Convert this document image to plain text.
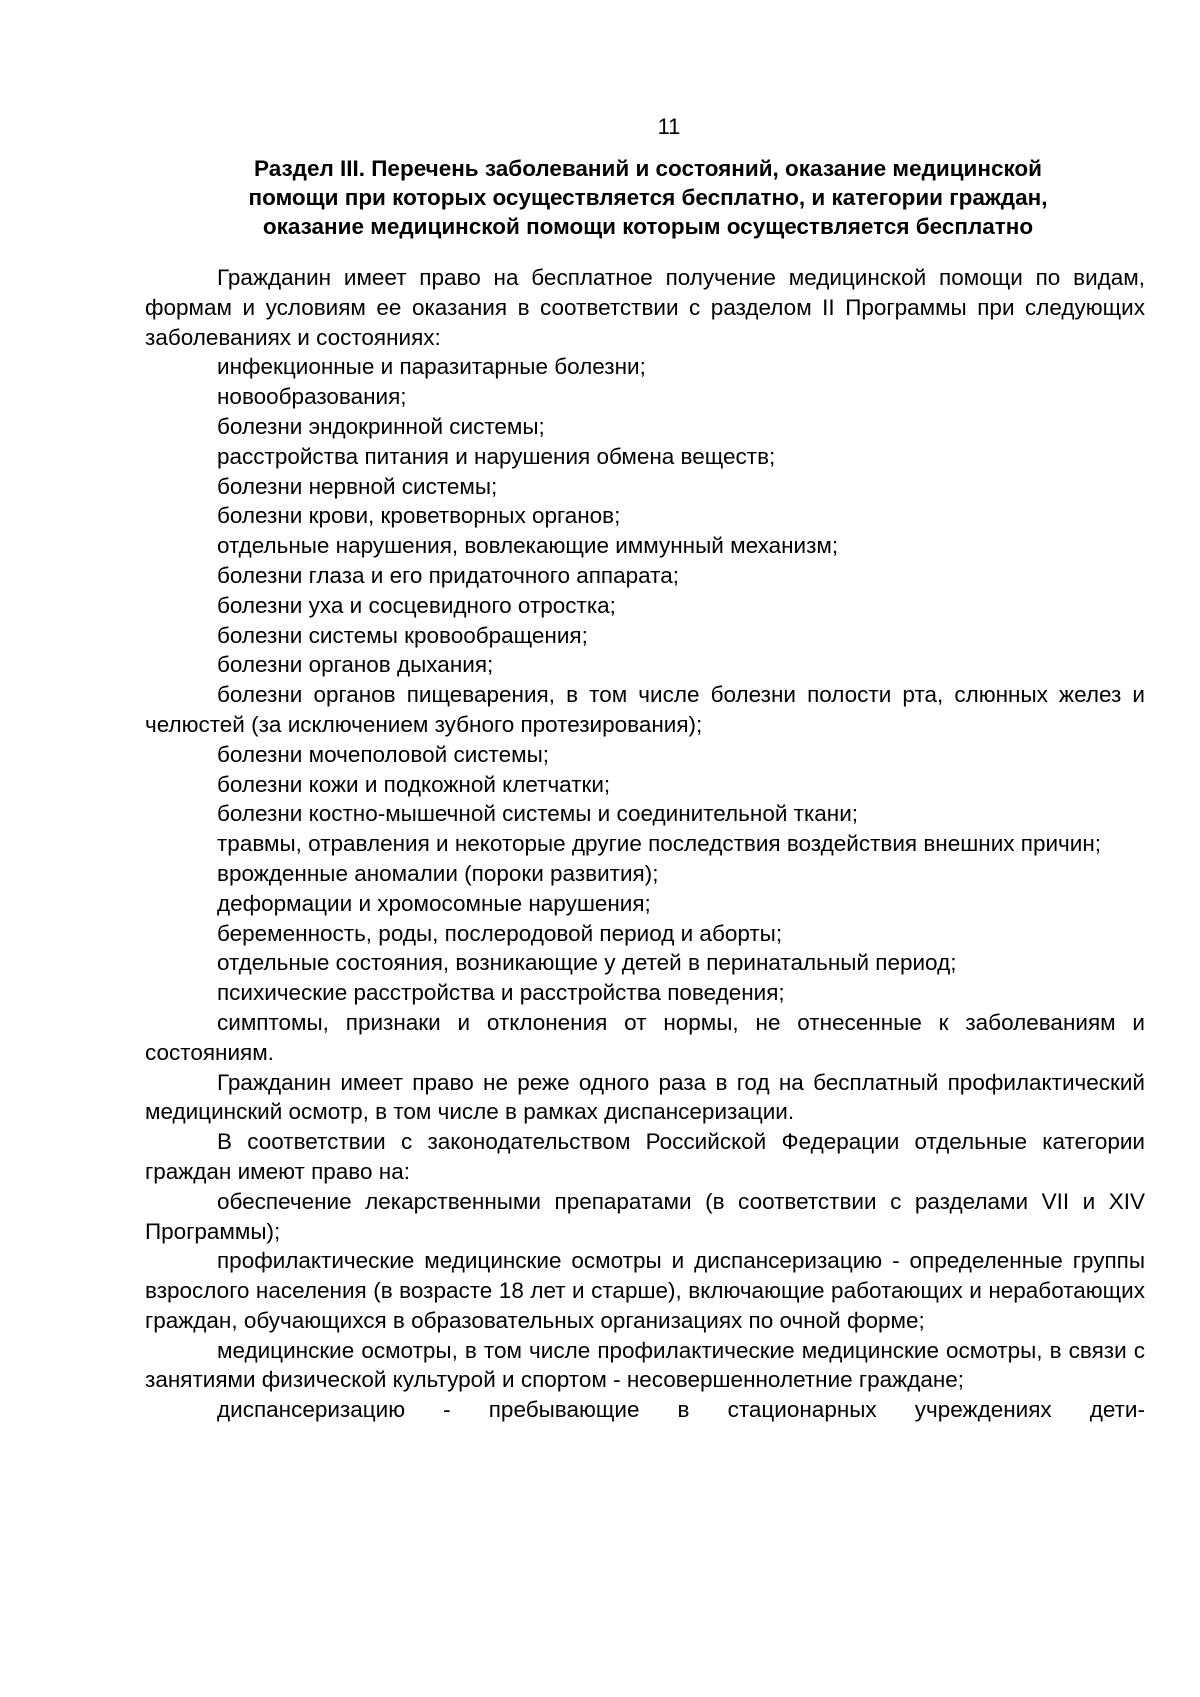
11
Раздел III. Перечень заболеваний и состояний, оказание медицинской
помощи при которых осуществляется бесплатно, и категории граждан,
оказание медицинской помощи которым осуществляется бесплатно

Гражданин имеет право на бесплатное получение медицинской помощи по видам, формам и условиям ее оказания в соответствии с разделом II Программы при следующих заболеваниях и состояниях:

инфекционные и паразитарные болезни;

новообразования;

болезни эндокринной системы;

расстройства питания и нарушения обмена веществ;

болезни нервной системы;

болезни крови, кроветворных органов;

отдельные нарушения, вовлекающие иммунный механизм;

болезни глаза и его придаточного аппарата;

болезни уха и сосцевидного отростка;

болезни системы кровообращения;

болезни органов дыхания;

болезни органов пищеварения, в том числе болезни полости рта, слюнных желез и челюстей (за исключением зубного протезирования);

болезни мочеполовой системы;

болезни кожи и подкожной клетчатки;

болезни костно-мышечной системы и соединительной ткани;

травмы, отравления и некоторые другие последствия воздействия внешних причин;

врожденные аномалии (пороки развития);

деформации и хромосомные нарушения;

беременность, роды, послеродовой период и аборты;

отдельные состояния, возникающие у детей в перинатальный период;

психические расстройства и расстройства поведения;

симптомы, признаки и отклонения от нормы, не отнесенные к заболеваниям и состояниям.

Гражданин имеет право не реже одного раза в год на бесплатный профилактический медицинский осмотр, в том числе в рамках диспансеризации.

В соответствии с законодательством Российской Федерации отдельные категории граждан имеют право на:

обеспечение лекарственными препаратами (в соответствии с разделами VII и XIV Программы);

профилактические медицинские осмотры и диспансеризацию - определенные группы взрослого населения (в возрасте 18 лет и старше), включающие работающих и неработающих граждан, обучающихся в образовательных организациях по очной форме;

медицинские осмотры, в том числе профилактические медицинские осмотры, в связи с занятиями физической культурой и спортом - несовершеннолетние граждане;

диспансеризацию - пребывающие в стационарных учреждениях дети-
